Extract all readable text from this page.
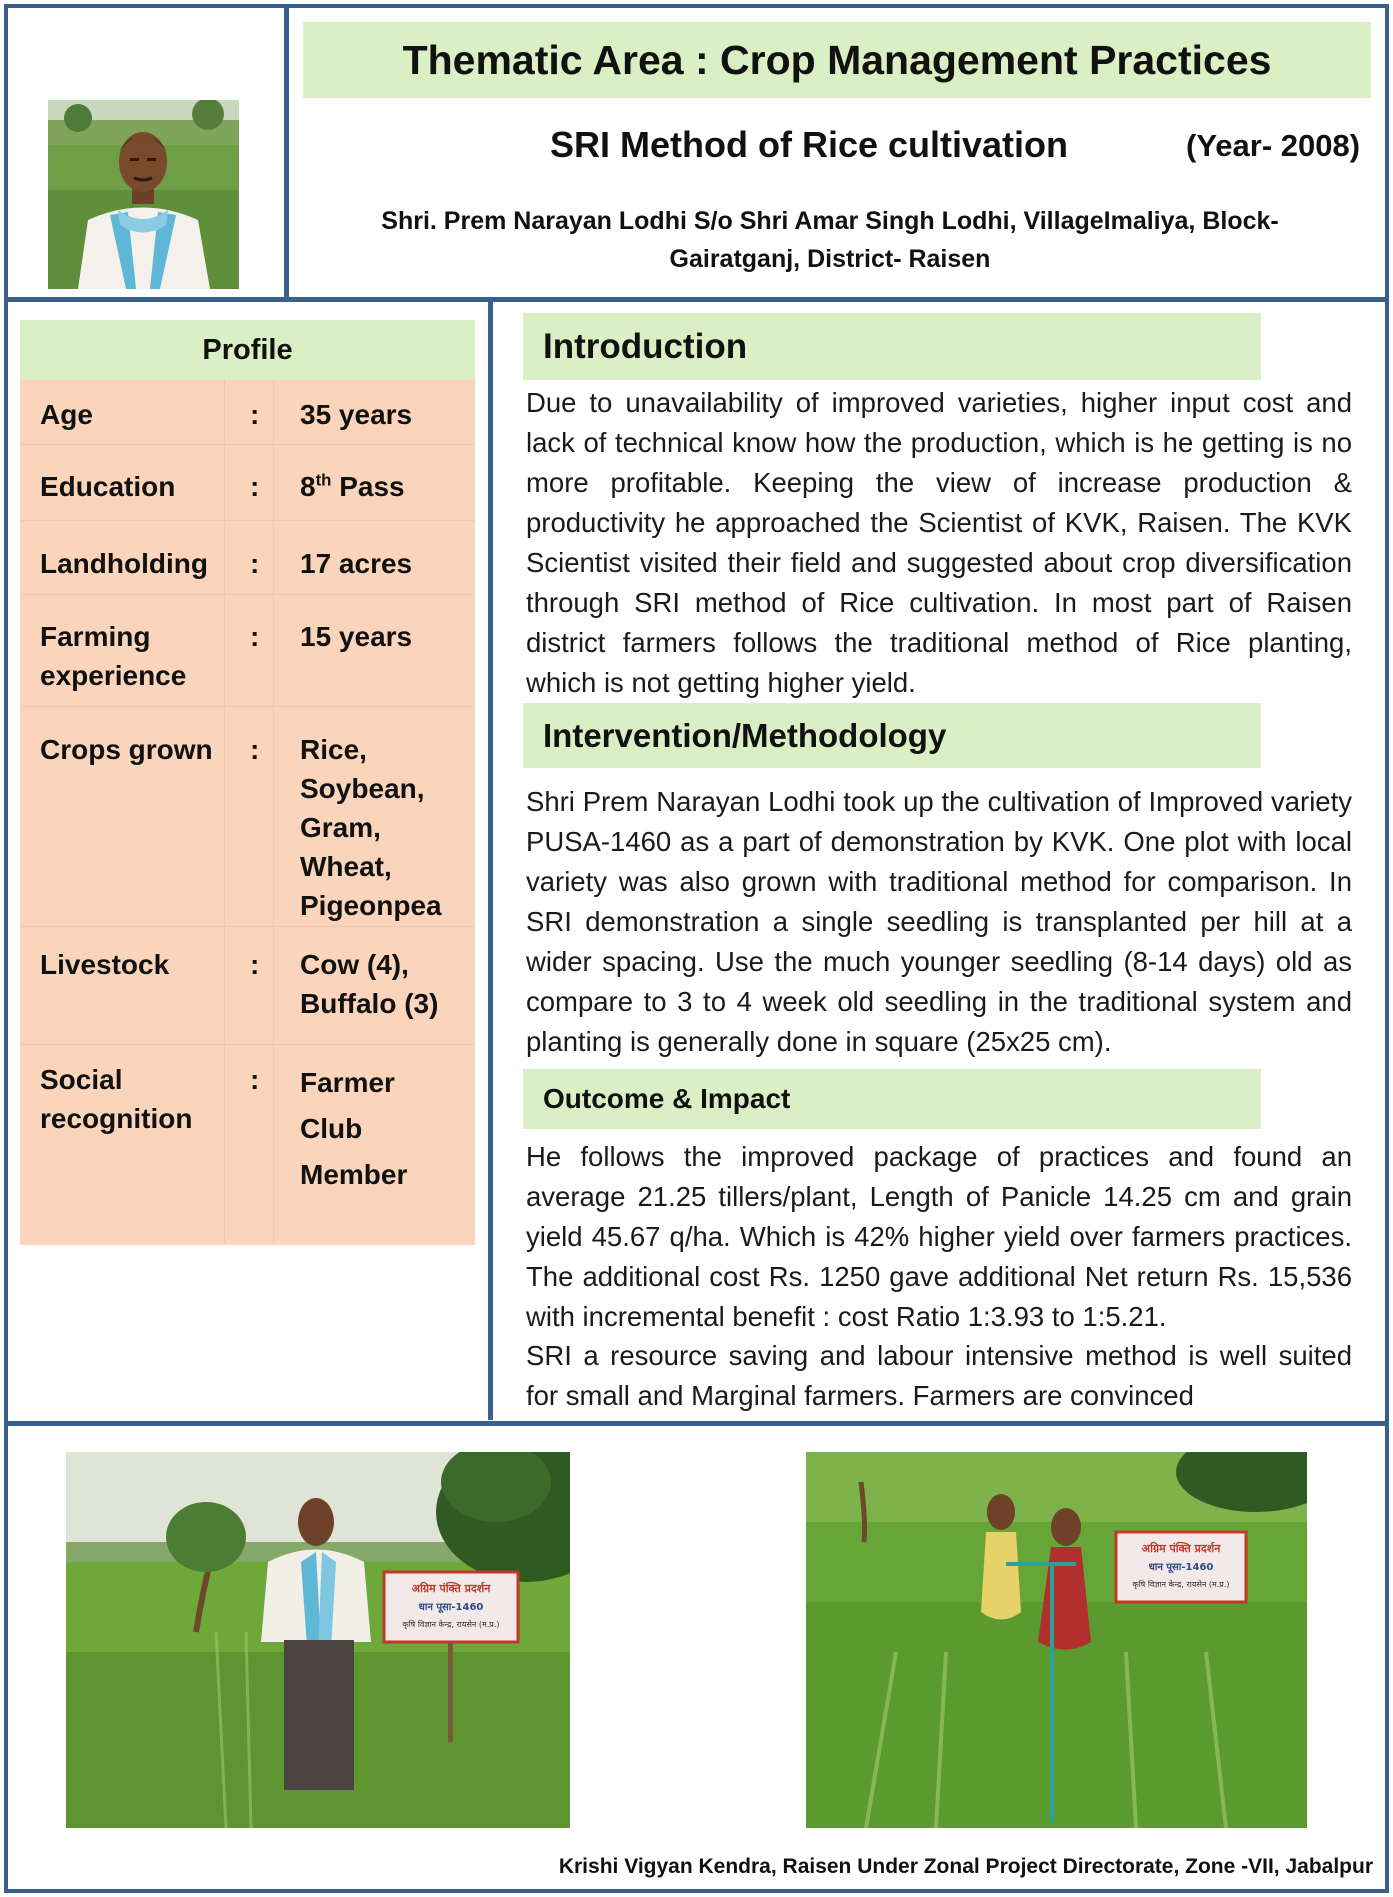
Thematic Area : Crop Management Practices
SRI Method of Rice cultivation	(Year- 2008)
Shri. Prem Narayan Lodhi S/o Shri Amar Singh Lodhi, VillageImaliya, Block-
Gairatganj, District- Raisen
Profile
Age	: 35 years
Education	: 8th Pass
Landholding : 17 acres
Farming
experience
: 15 years
Crops grown : Rice,
Soybean,
Gram,
Wheat,
Pigeonpea
Livestock	: Cow (4),
Buffalo (3)
Social
recognition
: Farmer
Club
Member
Introduction

Due to unavailability of improved varieties, higher input cost and lack of technical know how the production, which is he getting is no more profitable. Keeping the view of increase production & productivity he approached the Scientist of KVK, Raisen. The KVK Scientist visited their field and suggested about crop diversification through SRI method of Rice cultivation. In most part of Raisen district farmers follows the traditional method of Rice planting, which is not getting higher yield.

Intervention/Methodology

Shri Prem Narayan Lodhi took up the cultivation of Improved variety PUSA-1460 as a part of demonstration by KVK. One plot with local variety was also grown with traditional method for comparison. In SRI demonstration a single seedling is transplanted per hill at a wider spacing. Use the much younger seedling (8-14 days) old as compare to 3 to 4 week old seedling in the traditional system and planting is generally done in square (25x25 cm).

Outcome & Impact

He follows the improved package of practices and found an average 21.25 tillers/plant, Length of Panicle 14.25 cm and grain yield 45.67 q/ha. Which is 42% higher yield over farmers practices. The additional cost Rs. 1250 gave additional Net return Rs. 15,536 with incremental benefit : cost Ratio 1:3.93 to 1:5.21.

SRI a resource saving and labour intensive method is well suited for small and Marginal farmers. Farmers are convinced

अग्रिम पंक्ति प्रदर्शन
धान पूसा-1460
कृषि विज्ञान केन्द्र, रायसेन (म.प्र.)
अग्रिम पंक्ति प्रदर्शन
धान पूसा-1460
कृषि विज्ञान केन्द्र, रायसेन (म.प्र.)
Krishi Vigyan Kendra, Raisen Under Zonal Project Directorate, Zone -VII, Jabalpur
